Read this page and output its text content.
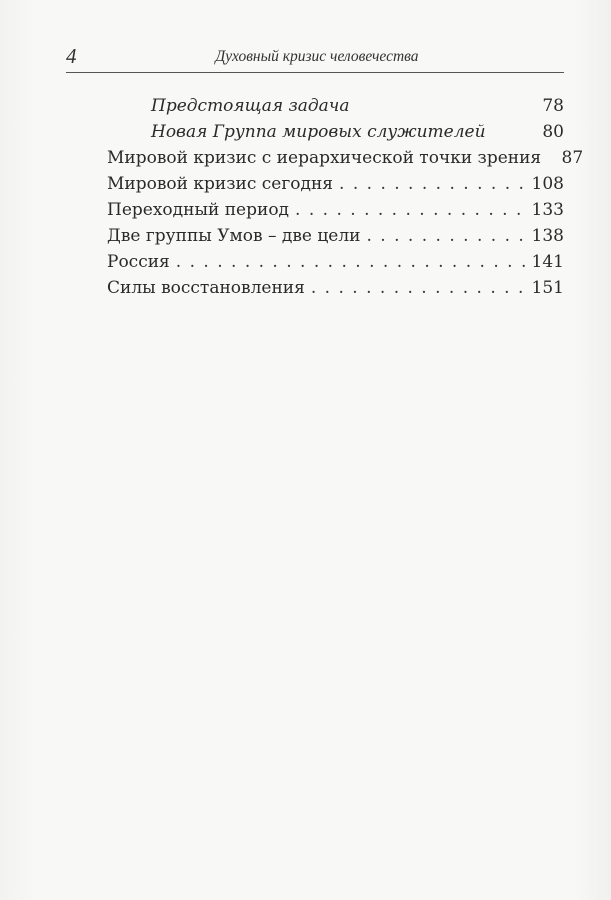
4	Духовный кризис человечества
Предстоящая задача	78
Новая Группа мировых служителей	80
Мировой кризис с иерархической точки зрения	87
Мировой кризис сегодня . . .	108
Переходный период . . .	133
Две группы Умов – две цели . . .	138
Россия . . .	141
Силы восстановления . . .	151
